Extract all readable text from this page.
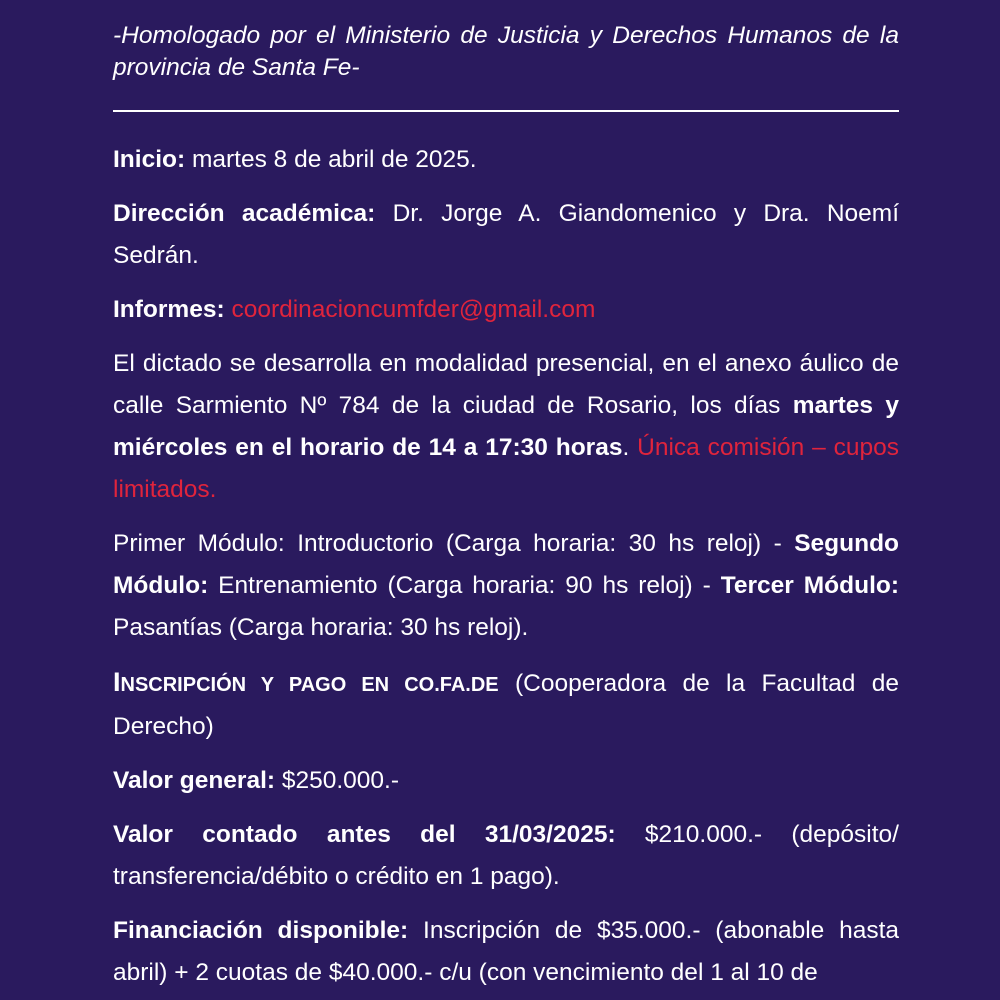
-Homologado por el Ministerio de Justicia y Derechos Humanos de la provincia de Santa Fe-

Inicio: martes 8 de abril de 2025.

Dirección académica: Dr. Jorge A. Giandomenico y Dra. Noemí Sedrán.

Informes: coordinacioncumfder@gmail.com

El dictado se desarrolla en modalidad presencial, en el anexo áulico de calle Sarmiento Nº 784 de la ciudad de Rosario, los días martes y miércoles en el horario de 14 a 17:30 horas. Única comisión – cupos limitados.

Primer Módulo: Introductorio (Carga horaria: 30 hs reloj) - Segundo Módulo: Entrenamiento (Carga horaria: 90 hs reloj) - Tercer Módulo: Pasantías (Carga horaria: 30 hs reloj).

INSCRIPCIÓN Y PAGO EN CO.FA.DE (Cooperadora de la Facultad de Derecho)

Valor general: $250.000.-

Valor contado antes del 31/03/2025: $210.000.- (depósito/ transferencia/débito o crédito en 1 pago).

Financiación disponible: Inscripción de $35.000.- (abonable hasta abril) + 2 cuotas de $40.000.- c/u (con vencimiento del 1 al 10 de
